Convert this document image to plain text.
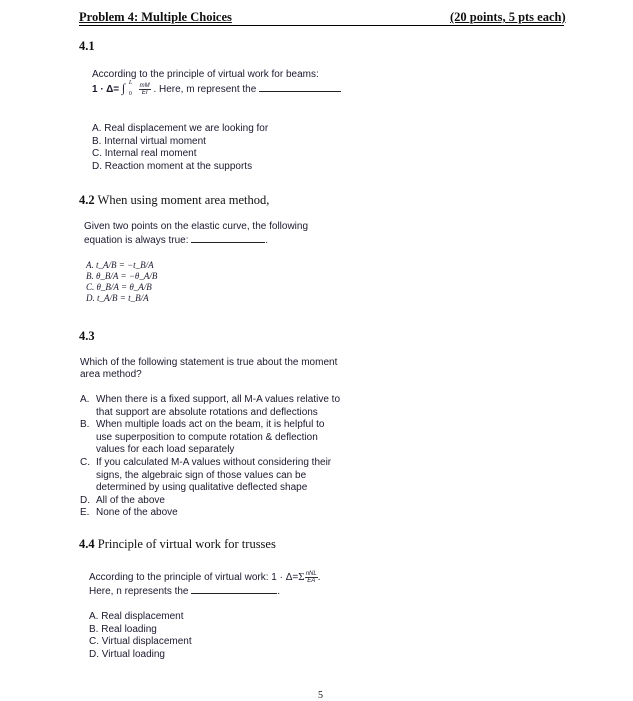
Problem 4: Multiple Choices	(20 points, 5 pts each)
4.1
According to the principle of virtual work for beams:
1 · Δ= ∫ L
0
$\frac{mM}{EI}$ . Here, m represent the
A. Real displacement we are looking for
B. Internal virtual moment
C. Internal real moment
D. Reaction moment at the supports
4.2 When using moment area method,
Given two points on the elastic curve, the following
equation is always true:	.
A. t_A/B = −t_B/A
B. θ_B/A = −θ_A/B
C. θ_B/A = θ_A/B
D. t_A/B = t_B/A
4.3
Which of the following statement is true about the moment
area method?
A. When there is a fixed support, all M-A values relative to
that support are absolute rotations and deflections
B. When multiple loads act on the beam, it is helpful to
use superposition to compute rotation & deflection
values for each load separately
C. If you calculated M-A values without considering their
signs, the algebraic sign of those values can be
determined by using qualitative deflected shape
D. All of the above
E. None of the above
4.4 Principle of virtual work for trusses
According to the principle of virtual work: $1 \cdot \Delta=\Sigma \frac{\text{nNL}}{EA}$ .
Here, n represents the	.
A. Real displacement
B. Real loading
C. Virtual displacement
D. Virtual loading
5
